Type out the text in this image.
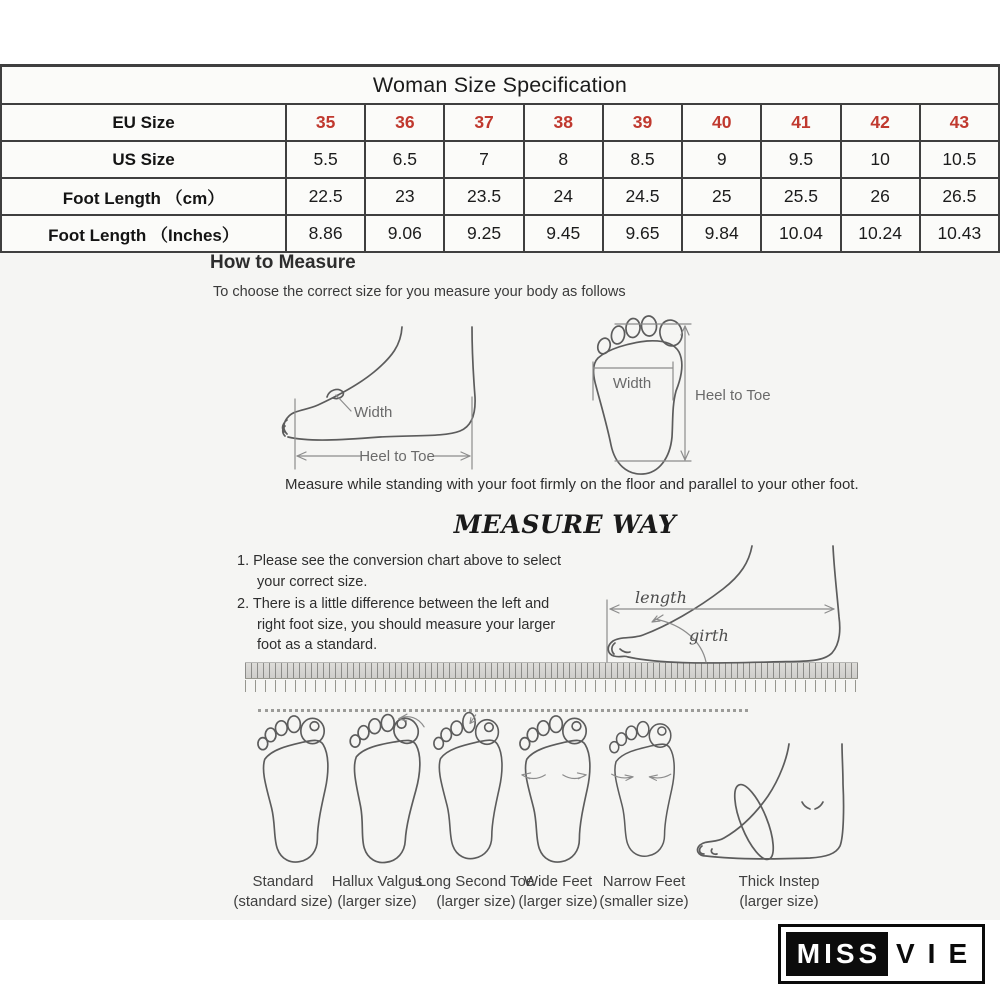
Woman Size Specification
EU Size	35	36	37	38	39	40	41	42	43
US Size	5.5	6.5	7	8	8.5	9	9.5	10	10.5
Foot Length （cm）	22.5	23	23.5	24	24.5	25	25.5	26	26.5
Foot Length （Inches）	8.86	9.06	9.25	9.45	9.65	9.84	10.04	10.24	10.43
How to Measure
To choose the correct size for you measure your body as follows
Width
Heel to Toe
Width
Heel to Toe
Measure while standing with your foot firmly on the floor and parallel to your other foot.
MEASURE WAY

1. Please see the conversion chart above to select your correct size.

2. There is a little difference between the left and right foot size, you should measure your larger foot as a standard.

length
girth
Standard
(standard size)
Hallux Valgus
(larger size)
Long Second Toe
(larger size)
Wide Feet
(larger size)
Narrow Feet
(smaller size)
Thick Instep
(larger size)
MISS VIE
